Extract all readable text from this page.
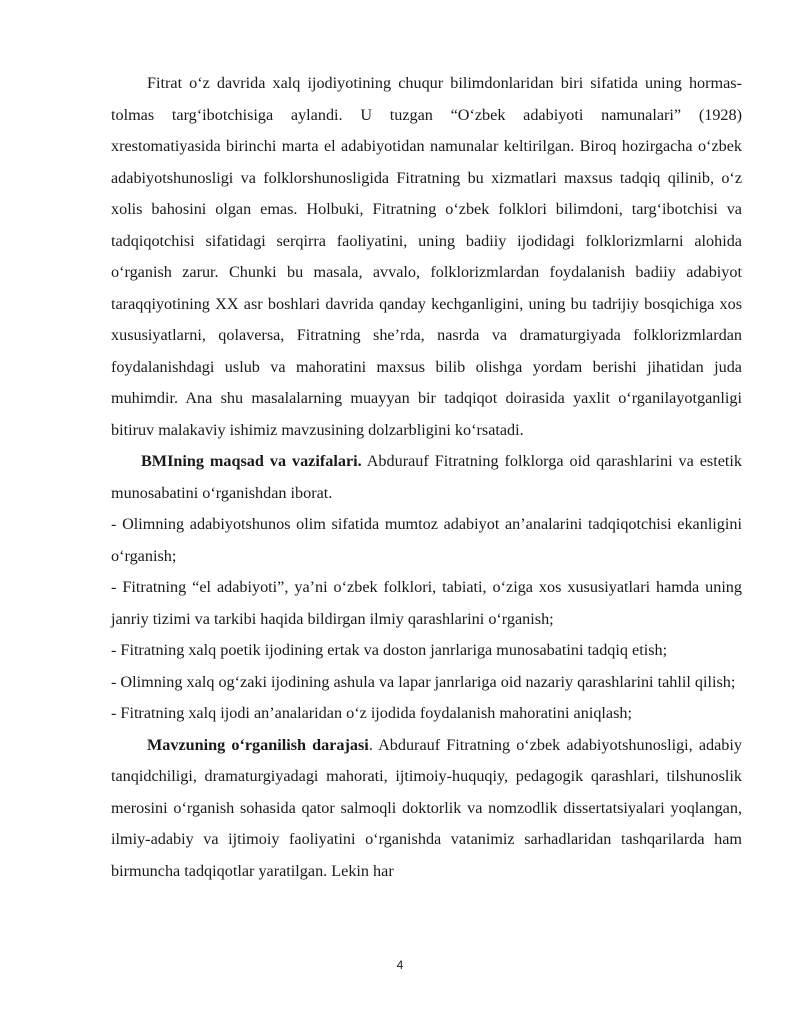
Fitrat o‘z davrida xalq ijodiyotining chuqur bilimdonlaridan biri sifatida uning hormas-tolmas targ‘ibotchisiga aylandi. U tuzgan “O‘zbek adabiyoti namunalari” (1928) xrestomatiyasida birinchi marta el adabiyotidan namunalar keltirilgan. Biroq hozirgacha o‘zbek adabiyotshunosligi va folklorshunosligida Fitratning bu xizmatlari maxsus tadqiq qilinib, o‘z xolis bahosini olgan emas. Holbuki, Fitratning o‘zbek folklori bilimdoni, targ‘ibotchisi va tadqiqotchisi sifatidagi serqirra faoliyatini, uning badiiy ijodidagi folklorizmlarni alohida o‘rganish zarur. Chunki bu masala, avvalo, folklorizmlardan foydalanish badiiy adabiyot taraqqiyotining XX asr boshlari davrida qanday kechganligini, uning bu tadrijiy bosqichiga xos xususiyatlarni, qolaversa, Fitratning she’rda, nasrda va dramaturgiyada folklorizmlardan foydalanishdagi uslub va mahoratini maxsus bilib olishga yordam berishi jihatidan juda muhimdir. Ana shu masalalarning muayyan bir tadqiqot doirasida yaxlit o‘rganilayotganligi bitiruv malakaviy ishimiz mavzusining dolzarbligini ko‘rsatadi.

BMIning maqsad va vazifalari. Abdurauf Fitratning folklorga oid qarashlarini va estetik munosabatini o‘rganishdan iborat.

- Olimning adabiyotshunos olim sifatida mumtoz adabiyot an’analarini tadqiqotchisi ekanligini o‘rganish;

- Fitratning “el adabiyoti”, ya’ni o‘zbek folklori, tabiati, o‘ziga xos xususiyatlari hamda uning janriy tizimi va tarkibi haqida bildirgan ilmiy qarashlarini o‘rganish;

- Fitratning xalq poetik ijodining ertak va doston janrlariga munosabatini tadqiq etish;

- Olimning xalq og‘zaki ijodining ashula va lapar janrlariga oid nazariy qarashlarini tahlil qilish;

- Fitratning xalq ijodi an’analaridan o‘z ijodida foydalanish mahoratini aniqlash;

Mavzuning o‘rganilish darajasi. Abdurauf Fitratning o‘zbek adabiyotshunosligi, adabiy tanqidchiligi, dramaturgiyadagi mahorati, ijtimoiy-huquqiy, pedagogik qarashlari, tilshunoslik merosini o‘rganish sohasida qator salmoqli doktorlik va nomzodlik dissertatsiyalari yoqlangan, ilmiy-adabiy va ijtimoiy faoliyatini o‘rganishda vatanimiz sarhadlaridan tashqarilarda ham birmuncha tadqiqotlar yaratilgan. Lekin har

4
